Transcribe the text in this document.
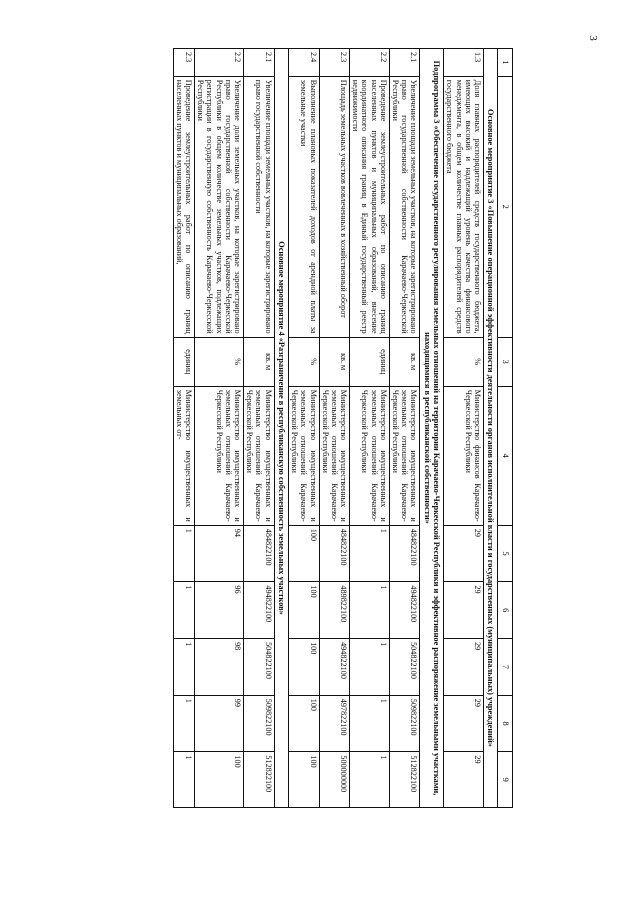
3
1	2	3	4	5	6	7	8	9
Основное мероприятие 3 «Повышение операционной эффективности деятельности органов исполнительной власти и государственных (муниципальных) учреждений»								
1.3	Доля главных распорядителей средств государственного бюджета, имеющих высокий и надлежащий уровень качества финансового менеджмента, в общем количестве главных распорядителей средств государственного бюджета	%	Министерство финансов Карачаево-Черкесской Республики	29	29	29	29	29
Подпрограмма 3 «Обеспечение государственного регулирования земельных отношений на территории Карачаево-Черкесской Республики и эффективное распоряжение земельными участками, находящимися в республиканской собственности»								
2.1	Увеличение площади земельных участков, на которые зарегистрировано право государственной собственности Карачаево-Черкесской Республики	кв. м	Министерство имущественных и земельных отношений Карачаево-Черкесской Республики	484822100	494822100	504822100	509822100	512822100
2.2	Проведение землеустроительных работ по описанию границ населенных пунктов и муниципальных образований, внесение координатного описания границ в Единый государственный реестр недвижимости	единиц	Министерство имущественных и земельных отношений Карачаево-Черкесской Республики	1	1	1	1	1
2.3	Площадь земельных участков вовлеченных в хозяйственный оборот	кв. м	Министерство имущественных и земельных отношений Карачаево-Черкесской Республики	484822100	489822100	494822100	497822100	500000000
2.4	Выполнение плановых показателей доходов от арендной платы за земельные участки	%	Министерство имущественных и земельных отношений Карачаево-Черкесской Республики	100	100	100	100	100
Основное мероприятие 4 «Разграничение в республиканскую собственность земельных участков»								
2.1	Увеличение площади земельных участков, на которые зарегистрировано право государственной собственности	кв. м	Министерство имущественных и земельных отношений Карачаево-Черкесской Республики	484822100	494822100	504822100	509822100	512822100
2.2	Увеличение доли земельных участков, на которые зарегистрировано право государственной собственности Карачаево-Черкесской Республики в общем количестве земельных участков, подлежащих регистрации в государственную собственность Карачаево-Черкесской Республики	%	Министерство имущественных и земельных отношений Карачаево-Черкесской Республики	94	96	98	99	100
2.3	Проведение землеустроительных работ по описанию границ населенных пунктов и муниципальных образований,	единиц	Министерство имущественных и земельных от-	1	1	1	1	1
